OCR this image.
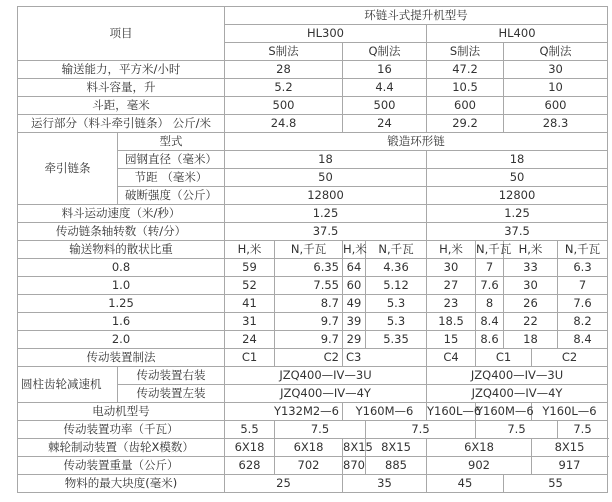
项目		环链斗式提升机型号								
		HL300				HL400				
		S制法		Q制法		S制法		Q制法		
输送能力，平方米/小时		28		16		47.2		30		
料斗容量，升		5.2		4.4		10.5		10		
斗距，毫米		500		500		600		600		
运行部分（料斗牵引链条） 公斤/米		24.8		24		29.2		28.3		
牵引链条	型式	锻造环形链								
	园钢直径（毫米）	18				18				
	节距 （毫米）	50				50				
	破断强度（公斤）	12800				12800				
料斗运动速度（米/秒）		1.25				1.25				
传动链条轴转数（转/分）		37.5				37.5				
输送物料的散状比重		H,米	N,千瓦	H,米	N,千瓦	H,米	N,千瓦	H,米		N,千瓦
0.8		59	6.35	64	4.36	30	7	33		6.3
1.0		52	7.55	60	5.12	27	7.6	30		7
1.25		41	8.7	49	5.3	23	8	26		7.6
1.6		31	9.7	39	5.3	18.5	8.4	22		8.2
2.0		24	9.7	29	5.35	15	8.6	18		8.4
传动装置制法		C1	C2	C3		C4	C1		C2	
圆柱齿轮减速机	传动装置右装	JZQ400—IV—3U				JZQ400—IV—3U				
	传动装置左装	JZQ400—IV—4Y				JZQ400—IV—4Y				
电动机型号		Y132M2—6		Y160M—6		Y160L—6	Y160M—6		Y160L—6	
传动装置功率（千瓦）		5.5	7.5		7.5		7.5			7.5
棘轮制动装置（齿轮X模数）		6X18	6X18	8X15	8X15	6X18			8X15	
传动装置重量（公斤）		628	702	870	885	902			917	
物料的最大块度(毫米)		25		35		45		55		
